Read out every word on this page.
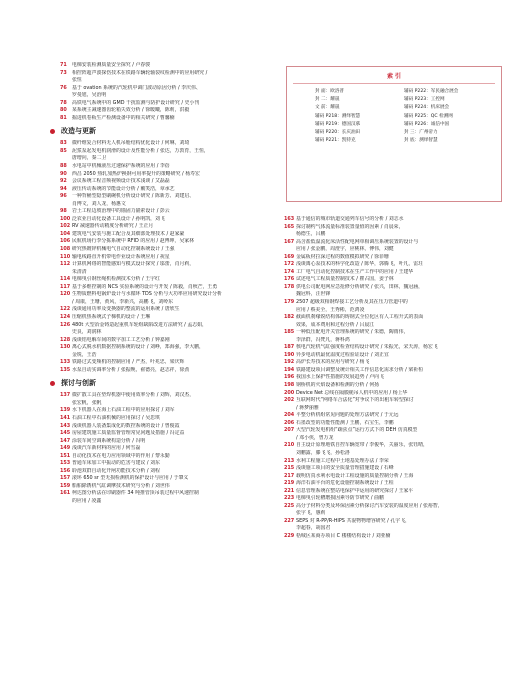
71	电梯安装检测质量安全探究 / 卢春骏
73	相控阵超声波探伤技术在铁路车辆轮轴裂纹检测中的应用研究 /
张恒
76	基于 ovation 系统的汽轮机中调门波动原因分析 / 李庆伟、
罗曼旭，吴治明
78	高铁电气系统中的 GMD 干扰监测与防护设计研究 / 史小刊
80	某系统主减速器齿轮箱失效分析 / 徐暖曦，陈莉，洪毅
81	掘进机卷板生产检测设备中的相关研究 / 曹馨楠
改造与更新
83	微纤维复合材料无人机吊舱结构优化设计 / 何琳，刘琦
85	泥浆泵起发电机润滑的设计及性能分析 / 张达，万敦育，王恒，
唐增向，秦二卫
88	水电站中机械液压过速保护系统的应用 / 李蓓
90	西昌 2050 热轧加热炉换钢可用率提升的策略研究 / 杨寿宏
92	会议系统工程音频视频设计技术浅谈 / 艾磊磊
94	液压传动系统的节能设计分析 / 戴笑浩，章承艺
96	一种背桶型隐型刷碗机分析设计研究 / 陈新芳、刘建启、
肖博文，刘人龙，杨惠文
98	岩土工程边坡治理中的锚固力锚索设计 / 彭云
100 泛农业自动化设备工具设计 / 孙明凯，刘飞
102 RV 减速器传动精度分析研究 / 王正月
104 建筑电气安装与施工配合及其细部处理技术 / 赵家豪
106 民航机场行李分拣系统中 RFID 的应用 / 赵博坤，吴家林
108 研究热镀锌机械电气自动化控制系统设计 / 王强
110 输电线路直升机带电作业设计系统应用 / 祝星
112 计算机网络的智能感知与模式设计探究 / 邬蕾，肖月莉，
朱清清
114 电梯曳引钢丝绳机检测技术分析 / 王宇红
117 基于多维控制的 NCS 实验系统的设计与开发 / 陈毅，肖秋芒，王勇
120 生物质燃料电锅炉设计与水循环 TDS 分析与大功率应用研究设计分析
/ 周康，王珊，黄风，李新兴，高鹏飞，刘岭东
122 浅谈通用功率及变换器的整流的运用系统 / 唐欣生
124 压缩机热系统式子梯机的设计 / 王琳
126 480t 大型冶金铸造起重机车轮组缺陷改进方法研究 / 孟志娟，
史良，刘润林
128 浅谈铝电解车间的数字加工工艺分析 / 钟嘉刚
130 离心式脱水机数据控制系统的设计 / 刘峥，郑海强，李大鹏，
金锐，王浩
133 铁路过式变频机的控制应用 / 严杰，叶兆忠，梁庆辉
135 水泵自动实调率分析 / 张振晚，翟德亮，赵志祥，徐劲
探讨与创新
137 微扩散工具在垫焊机器中使用效率分析 / 刘辉，刘汉杰，
张宏帆，张帆
139 水下机器人在海上石油工程中的应用探讨 / 刘军
141 石油工程中石油机械的应用探讨 / 吴思琪
143 浅谈机器人装备集成化的数控系统的设计 / 曾俊霞
145 房屋建筑施工质量监督管理常见问题及措施 / 冯定益
147 涂装车间空调系统构造分析 / 冯明
149 浅谈汽车新材料的应用 / 何雪磊
151 自动化技术在电力应用领域中的作用 / 黎永勤
153 普通车床加工中振动的危害与建议 / 刘东
156 聆池双群自动化开闸功能技术分析 / 刘程
157 滚环 650 sr 型无损检测机的保护设计与应用 / 于肇义
159 船舶除锈机气缸调摩技术研究与分析 / 刘世伟
161 柯达图分析法在印刷器件 34 吨推管顶吊装过程中风速控制
的应用 / 凌鑫
索 引
封 面：欧洛普	辅码 P222：军民融合展会
封 二：耀晟	辅码 P223：工控网
文 前：耀晟	辅码 P224：机床展会
辅码 P218：测绎智慧	辅码 P225：QC 检测网
辅码 P219：德国汉慕	辅码 P226：诚信中国
辅码 P220：长庆油田	封 三：广州帝力
辅码 P221：凯特克	封 底：测绎智慧
163 基于通信的城市轨道交通列车信号的分析 / 刘志水
165 探讨制约气体流量标准装置量值的因素 / 肖晨荣，
杨德生，吕鹏
167 高含盐低温流化床活性配电网单相调压系统装置的设计与
应用 / 张金鹏，周澄宇，应桃林，傅伟，刘健
169 金属板材拉深过程的数值模拟研究 / 徐菲珊
172 浅谈离心泵技术的科学化改造 / 陈华，郭腾飞，叶凡，雷玨
174 工厂电气自动化控制技术在生产工作中的应用 / 王建华
176 试述电气工程质量控制技术 / 瞿占国，姜子林
178 供电公司配电网应急抢修分析研究 / 张兴，田林，魏冠涵，
魏冠科，汪世锋
179 2507 超级双相钢焊接工艺分析及其在压力管道中的
应用 / 蔡美全，王秀彬，范鸿凌
182 截面机刹缘锐结构体的铸钢式全位化区有人工程升式的表面
效果，成本费用和过程分析 / 吕晨江
185 一种低压配电开关管理系统的研究 / 朱德，陶雨伟，
李泽群，冯梵凡，蒋科鸿
187 核电汽轮机气缸强度检查结构设计研究 / 朱振光，宋天涛，杨宏飞
190 异步电动机最优温度过程验证设计 / 刘正宜
192 高炉长寿技术的应用与研究 / 杨飞
194 铁路建设项目调整及统计相关工作信息化需求分析 / 梁祈桓
196 我国水上保护性措施的发展趋势 / 卢向飞
198 钢桥机的火焰设备和检测的分析 / 何扬
200 Device Net 总线在隔膜桅吊人机中的应用 / 杨上华
202 互联网时代“网络车合法化”对争议下的出租车转型探讨
/ 蒋梦丽雅
204 平整分析机组常见问题的处理方法研究 / 于元远
206 石墨改型的功能性能测 / 王鹏，石宝生，李鹏
207 大型汽轮发电机组“疏弦点”运行方式下的 DEH 仿真模型
/ 邓小侠，曾万龙
210 自主设计原理地铁自控车辆宽带 / 李俊华，关丽乐，张钰晴，
刘鹏露，滕飞飞，孙松洛
213 水利工程施工过程中土地基处理办法 / 李荣
215 浅谈施工项目的安全质量管理措施建设 / 石峰
217 载明仿真水利水电设计工程设施的质量控制分析 / 王海
219 海洋石油平台的危化设施控制系统设计 / 王程
221 信息管理系统在整站电保护中运用的研究探讨 / 王家平
223 电梯曳引轮槽磨损因素导防节研究 / 曲鹏
225 高分子材料分类及环保因素分析探讨汽车安装的温度应用 / 张裕智，
张宇飞，惠莉
227 SEPS 对 R-PP/R-HIPS 共混物物增容研究 / 孔宇飞，
李超春，胡国君
229 栝城区某商办项目 C 楼楼结构设计 / 刘亚楠
